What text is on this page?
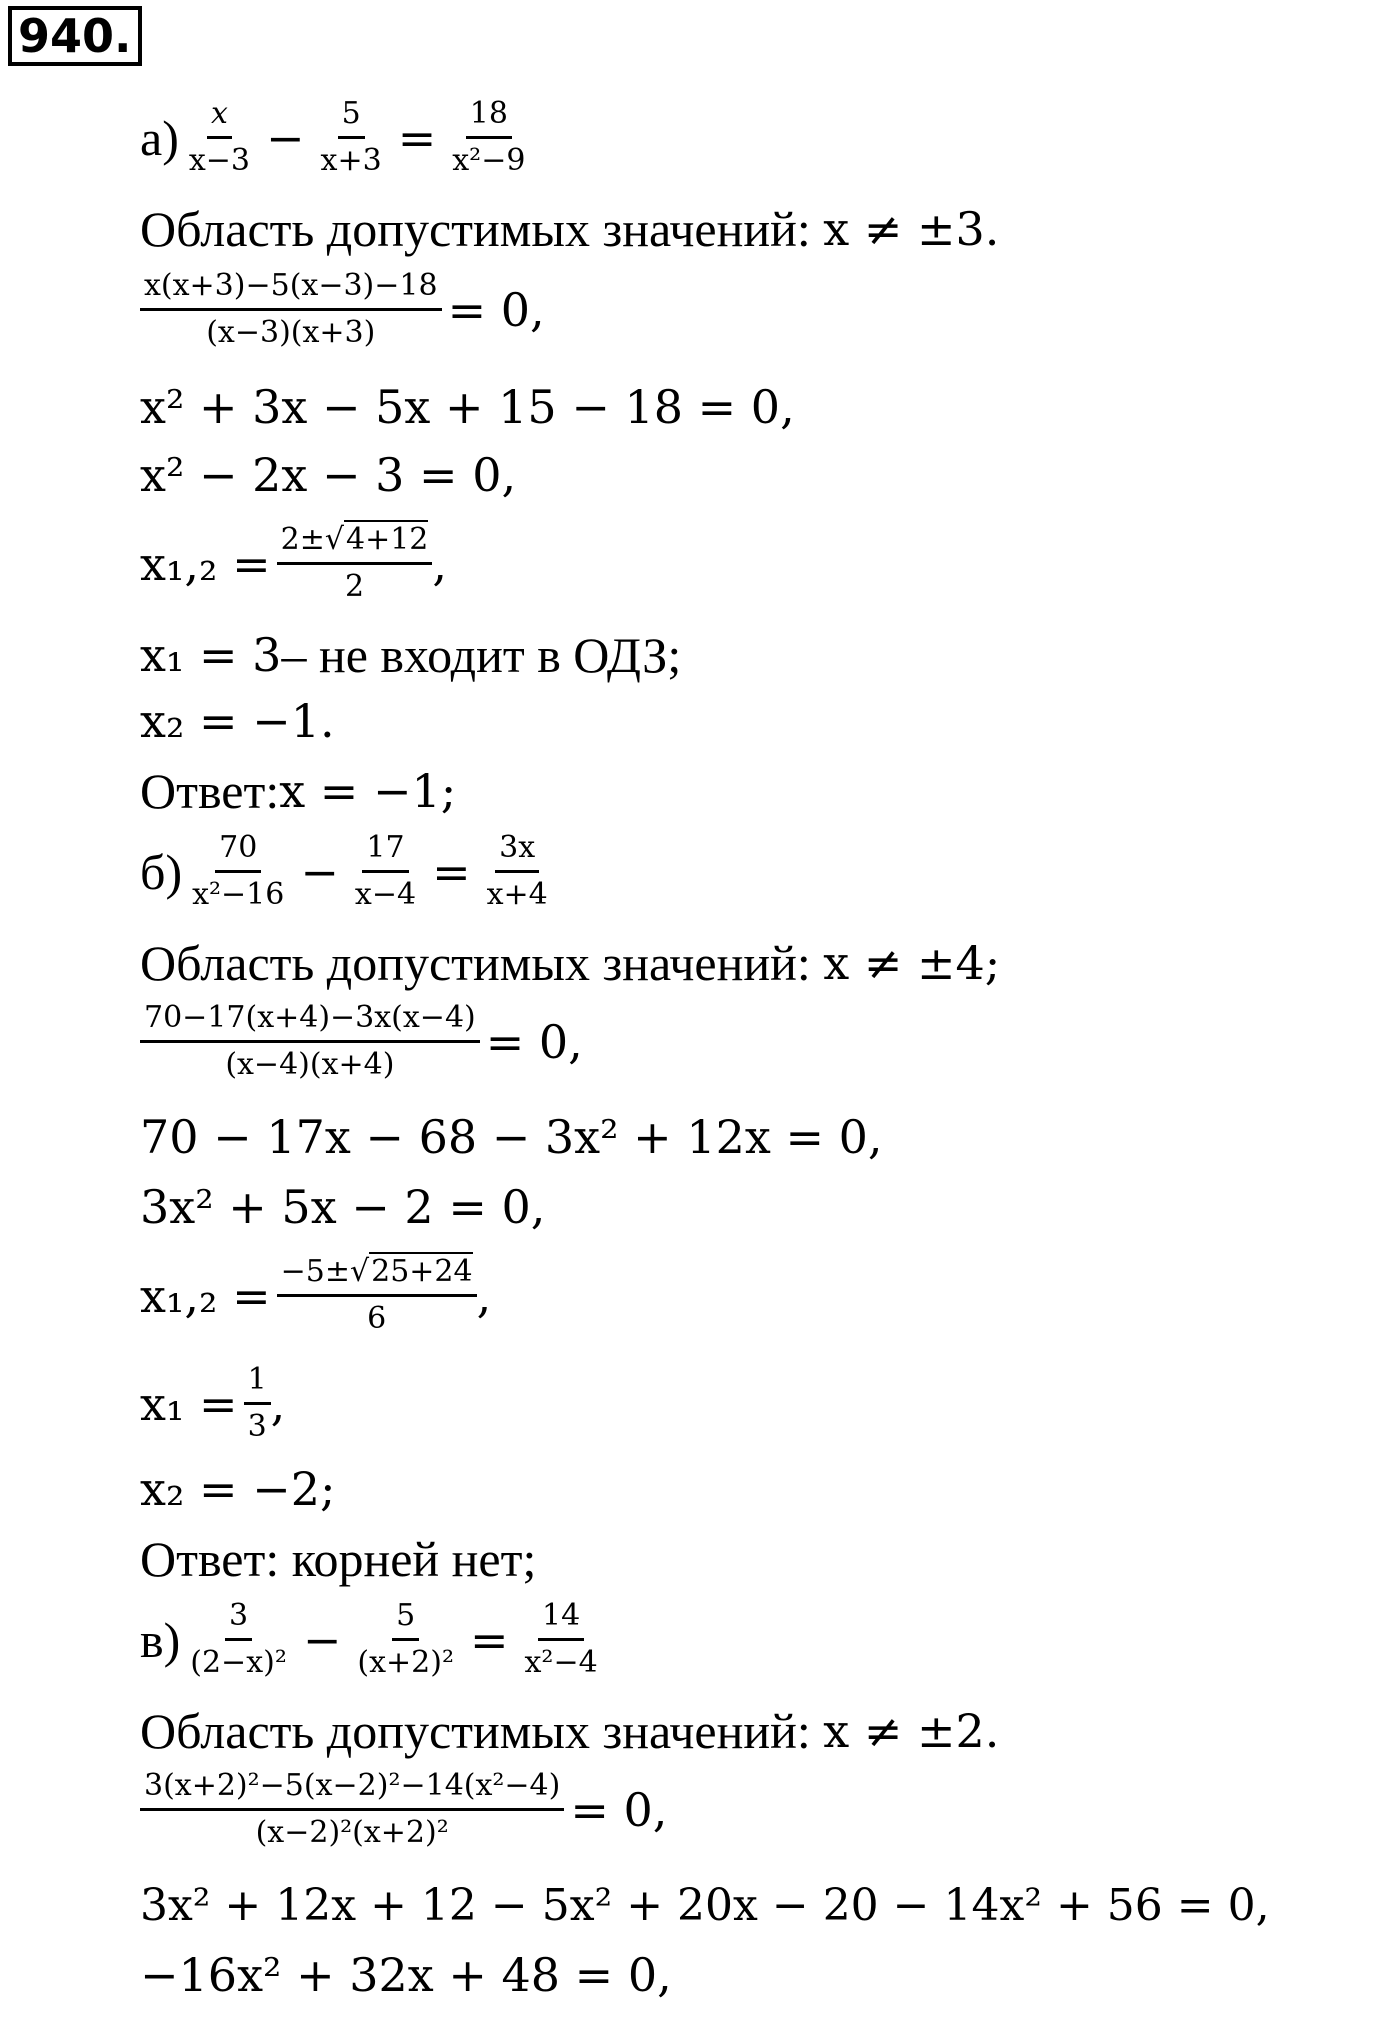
940.
$а) \frac{x}{x-3} - \frac{5}{x+3} = \frac{18}{\text{x²−9}}$
Область допустимых значений:
x ≠ ±3.
$\frac{x(x+3)-5(x-3)-18}{(x-3)(x+3)} = 0$,
x² + 3x − 5x + 15 − 18 = 0,
x² − 2x − 3 = 0,
$x_1,_2 = \frac{2\pm√4+12}{2}$ ,
x₁ = 3 – не входит в ОДЗ;
x₂ = −1.
Ответ: x = −1;
$б) \frac{70}{\text{x²−16}} - \frac{17}{x-4} = \frac{3x}{x+4}$
Область допустимых значений:
x ≠ ±4;
$\frac{70-17(x+4)-3x(x-4)}{(x-4)(x+4)} = 0$,
70 − 17x − 68 − 3x² + 12x = 0,
3x² + 5x − 2 = 0,
$x_1,_2 = \frac{-5\pm√25+24}{6}$ ,
$x_1 = \frac{1}{3}$ ,
x₂ = −2;
Ответ: корней нет;
$в) \frac{3}{\text{(2−x)²}} - \frac{5}{\text{(x+2)²}} = \frac{14}{\text{x²−4}}$
Область допустимых значений:
x ≠ ±2.
$\frac{\text{3(x+2)²−5(x−2)²−14(x²−4)}}{\text{(x−2)²(x+2)²}} = 0$,
3x² + 12x + 12 − 5x² + 20x − 20 − 14x² + 56 = 0,
−16x² + 32x + 48 = 0,
